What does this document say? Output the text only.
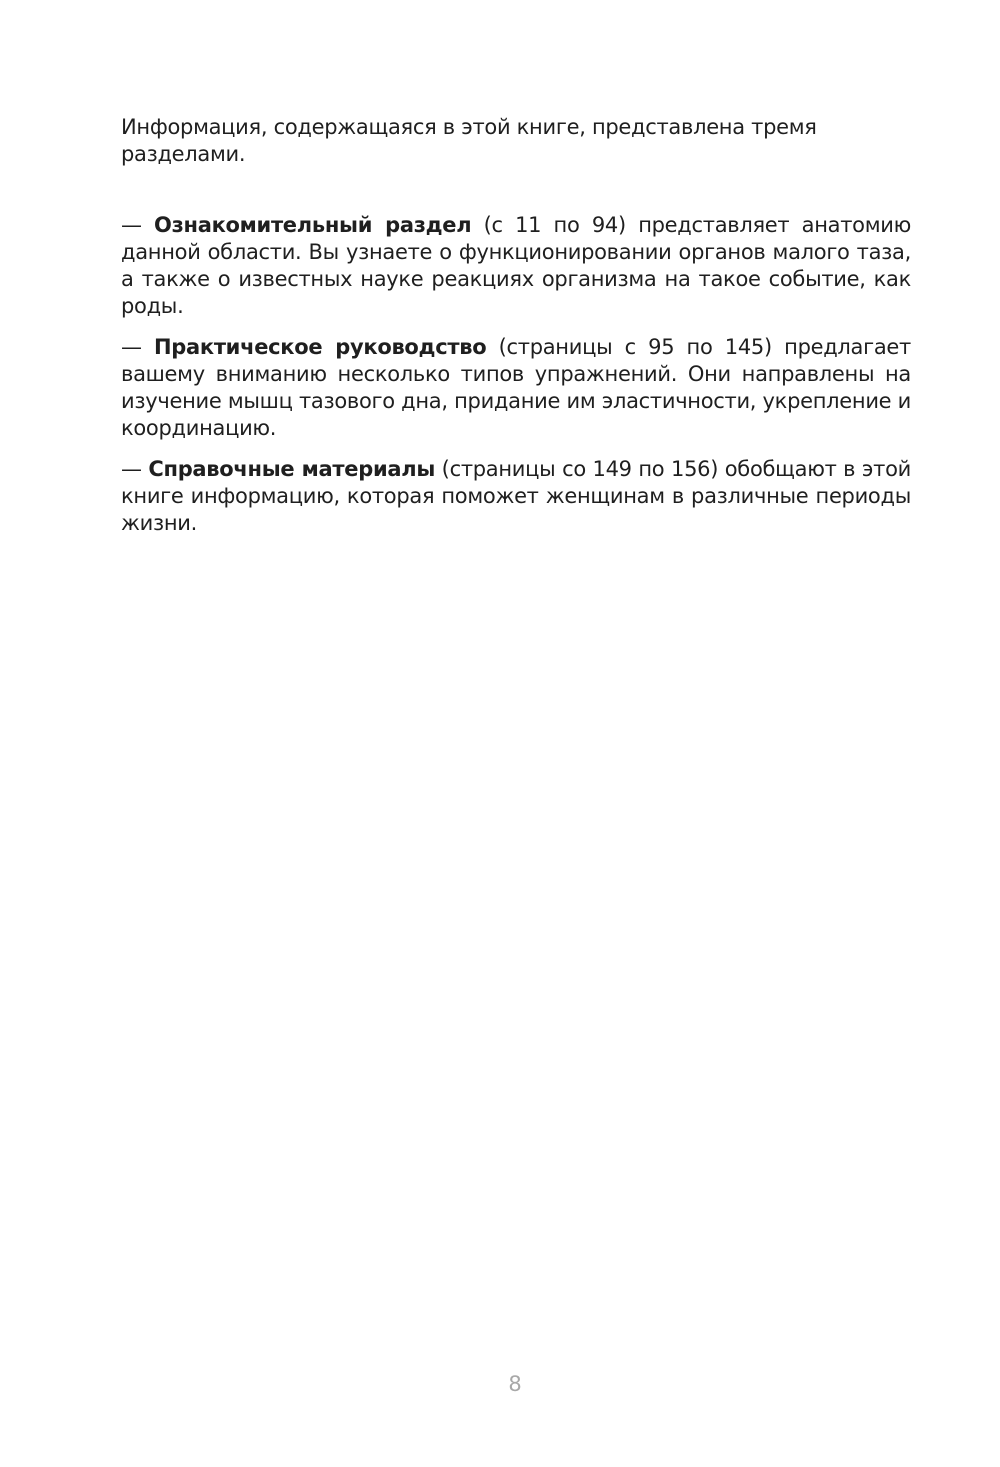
Информация, содержащаяся в этой книге, представлена тремя разделами.

— Ознакомительный раздел (с 11 по 94) представляет анатомию данной области. Вы узнаете о функционировании органов малого таза, а также о известных науке реакциях организма на такое событие, как роды.

— Практическое руководство (страницы с 95 по 145) предлагает вашему вниманию несколько типов упражнений. Они направлены на изучение мышц тазового дна, придание им эластичности, укрепление и координацию.

— Справочные материалы (страницы со 149 по 156) обобщают в этой книге информацию, которая поможет женщинам в различные периоды жизни.

8
